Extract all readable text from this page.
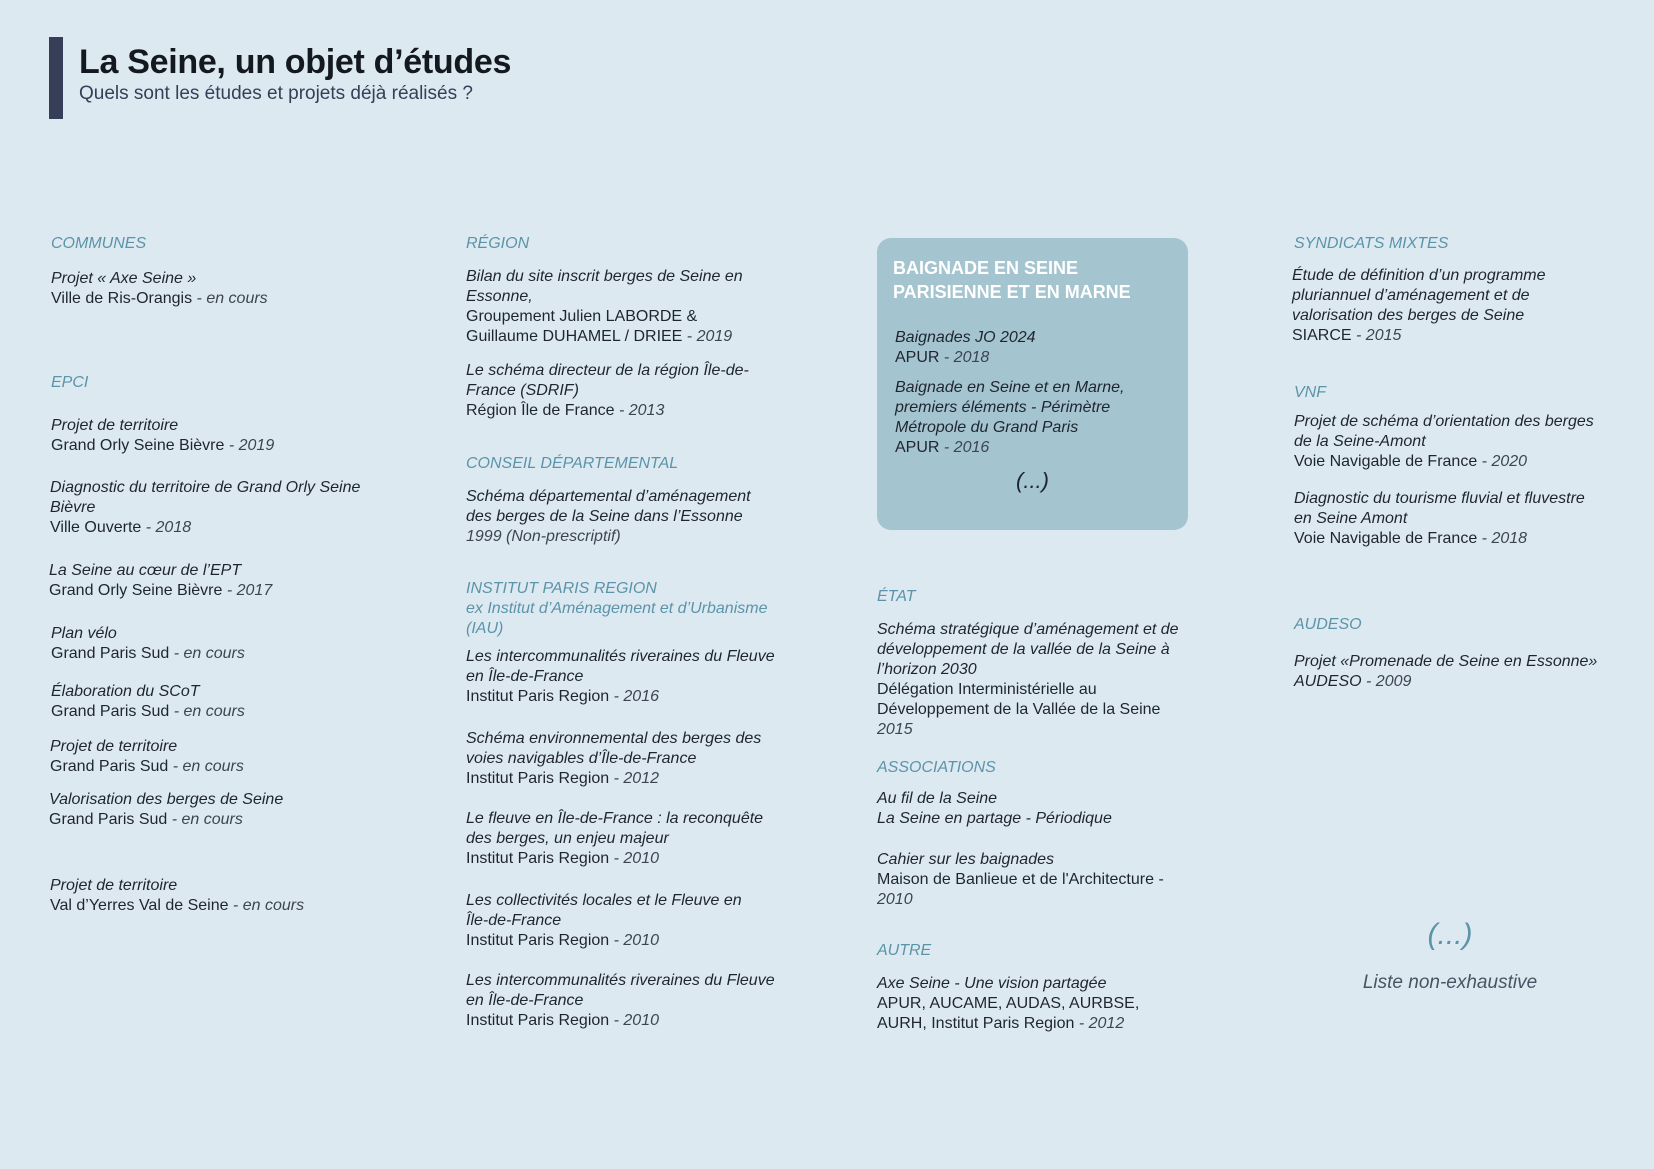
La Seine, un objet d’études
Quels sont les études et projets déjà réalisés ?
COMMUNES
Projet « Axe Seine »
Ville de Ris-Orangis - en cours
EPCI
Projet de territoire
Grand Orly Seine Bièvre - 2019
Diagnostic du territoire de Grand Orly Seine Bièvre
Ville Ouverte - 2018
La Seine au cœur de l’EPT
Grand Orly Seine Bièvre - 2017
Plan vélo
Grand Paris Sud - en cours
Élaboration du SCoT
Grand Paris Sud - en cours
Projet de territoire
Grand Paris Sud - en cours
Valorisation des berges de Seine
Grand Paris Sud - en cours
Projet de territoire
Val d’Yerres Val de Seine - en cours
RÉGION
Bilan du site inscrit berges de Seine en Essonne,
Groupement Julien LABORDE & Guillaume DUHAMEL / DRIEE - 2019
Le schéma directeur de la région Île-de-France (SDRIF)
Région Île de France - 2013
CONSEIL DÉPARTEMENTAL
Schéma départemental d’aménagement des berges de la Seine dans l’Essonne
1999 (Non-prescriptif)
INSTITUT PARIS REGION
ex Institut d’Aménagement et d’Urbanisme (IAU)
Les intercommunalités riveraines du Fleuve en Île-de-France
Institut Paris Region - 2016
Schéma environnemental des berges des voies navigables d’Île-de-France
Institut Paris Region - 2012
Le fleuve en Île-de-France : la reconquête des berges, un enjeu majeur
Institut Paris Region - 2010
Les collectivités locales et le Fleuve en Île-de-France
Institut Paris Region - 2010
Les intercommunalités riveraines du Fleuve en Île-de-France
Institut Paris Region - 2010
BAIGNADE EN SEINE PARISIENNE ET EN MARNE
Baignades JO 2024
APUR - 2018
Baignade en Seine et en Marne, premiers éléments - Périmètre Métropole du Grand Paris
APUR - 2016
(...)
ÉTAT
Schéma stratégique d’aménagement et de développement de la vallée de la Seine à l’horizon 2030
Délégation Interministérielle au Développement de la Vallée de la Seine
2015
ASSOCIATIONS
Au fil de la Seine
La Seine en partage - Périodique
Cahier sur les baignades
Maison de Banlieue et de l'Architecture -
2010
AUTRE
Axe Seine - Une vision partagée
APUR, AUCAME, AUDAS, AURBSE, AURH, Institut Paris Region - 2012
SYNDICATS MIXTES
Étude de définition d’un programme pluriannuel d’aménagement et de valorisation des berges de Seine
SIARCE - 2015
VNF
Projet de schéma d’orientation des berges de la Seine-Amont
Voie Navigable de France - 2020
Diagnostic du tourisme fluvial et fluvestre en Seine Amont
Voie Navigable de France - 2018
AUDESO
Projet «Promenade de Seine en Essonne»
AUDESO - 2009
(...)
Liste non-exhaustive
